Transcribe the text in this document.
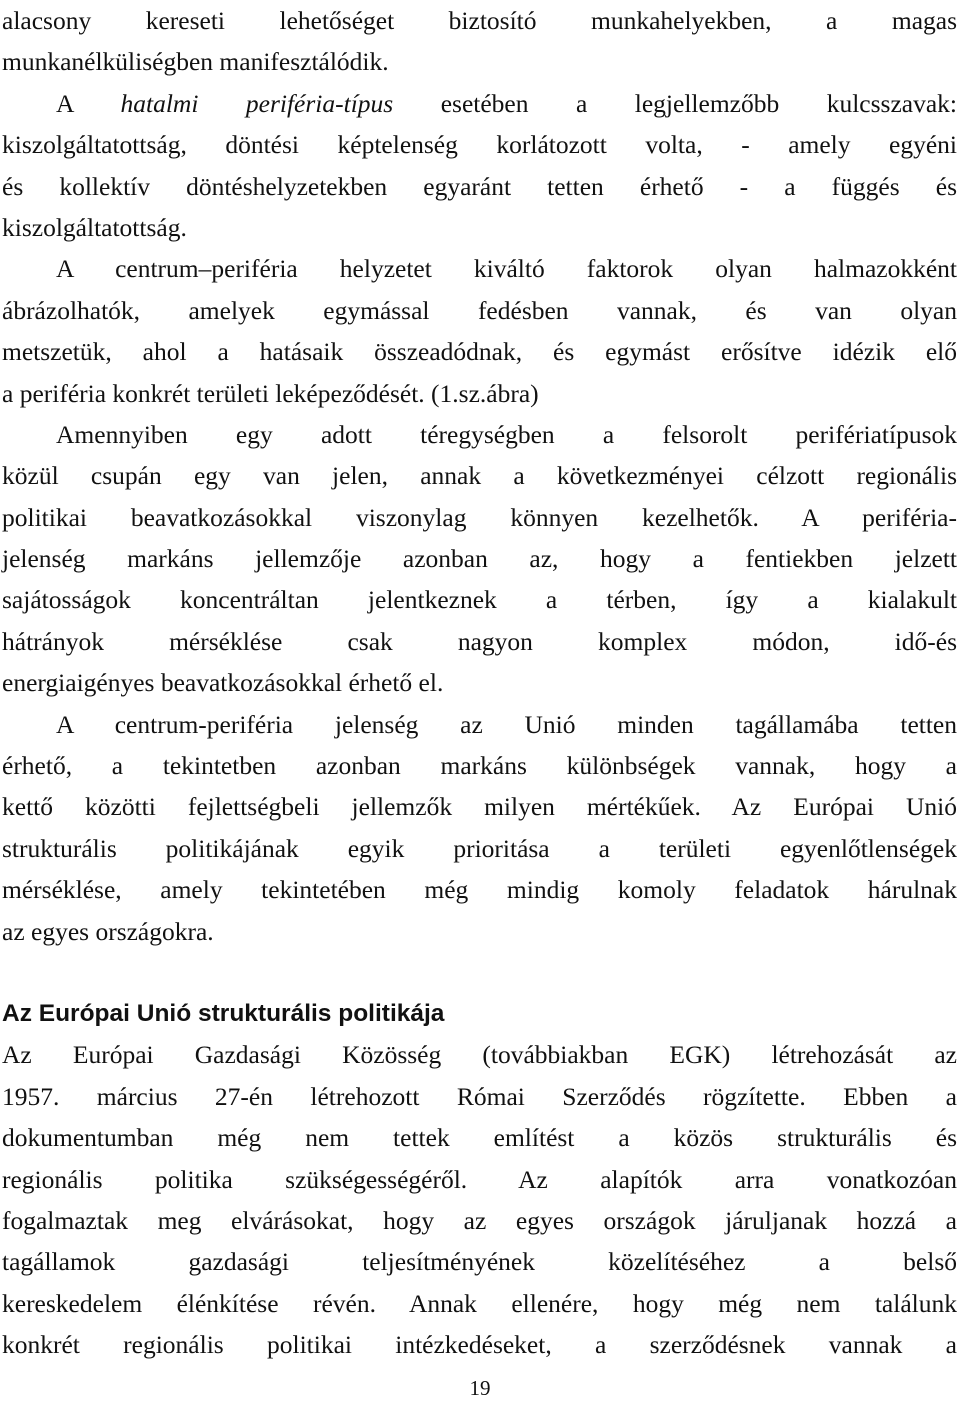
alacsony kereseti lehetőséget biztosító munkahelyekben, a magas
munkanélküliségben manifesztálódik.
A hatalmi periféria-típus esetében a legjellemzőbb kulcsszavak:
kiszolgáltatottság, döntési képtelenség korlátozott volta, - amely egyéni
és kollektív döntéshelyzetekben egyaránt tetten érhető - a függés és
kiszolgáltatottság.
A centrum–periféria helyzetet kiváltó faktorok olyan halmazokként
ábrázolhatók, amelyek egymással fedésben vannak, és van olyan
metszetük, ahol a hatásaik összeadódnak, és egymást erősítve idézik elő
a periféria konkrét területi leképeződését. (1.sz.ábra)
Amennyiben egy adott téregységben a felsorolt perifériatípusok
közül csupán egy van jelen, annak a következményei célzott regionális
politikai beavatkozásokkal viszonylag könnyen kezelhetők. A periféria-
jelenség markáns jellemzője azonban az, hogy a fentiekben jelzett
sajátosságok koncentráltan jelentkeznek a térben, így a kialakult
hátrányok mérséklése csak nagyon komplex módon, idő-és
energiaigényes beavatkozásokkal érhető el.
A centrum-periféria jelenség az Unió minden tagállamába tetten
érhető, a tekintetben azonban markáns különbségek vannak, hogy a
kettő közötti fejlettségbeli jellemzők milyen mértékűek. Az Európai Unió
strukturális politikájának egyik prioritása a területi egyenlőtlenségek
mérséklése, amely tekintetében még mindig komoly feladatok hárulnak
az egyes országokra.
Az Európai Unió strukturális politikája
Az Európai Gazdasági Közösség (továbbiakban EGK) létrehozását az
1957. március 27-én létrehozott Római Szerződés rögzítette. Ebben a
dokumentumban még nem tettek említést a közös strukturális és
regionális politika szükségességéről. Az alapítók arra vonatkozóan
fogalmaztak meg elvárásokat, hogy az egyes országok járuljanak hozzá a
tagállamok gazdasági teljesítményének közelítéséhez a belső
kereskedelem élénkítése révén. Annak ellenére, hogy még nem találunk
konkrét regionális politikai intézkedéseket, a szerződésnek vannak a
19
